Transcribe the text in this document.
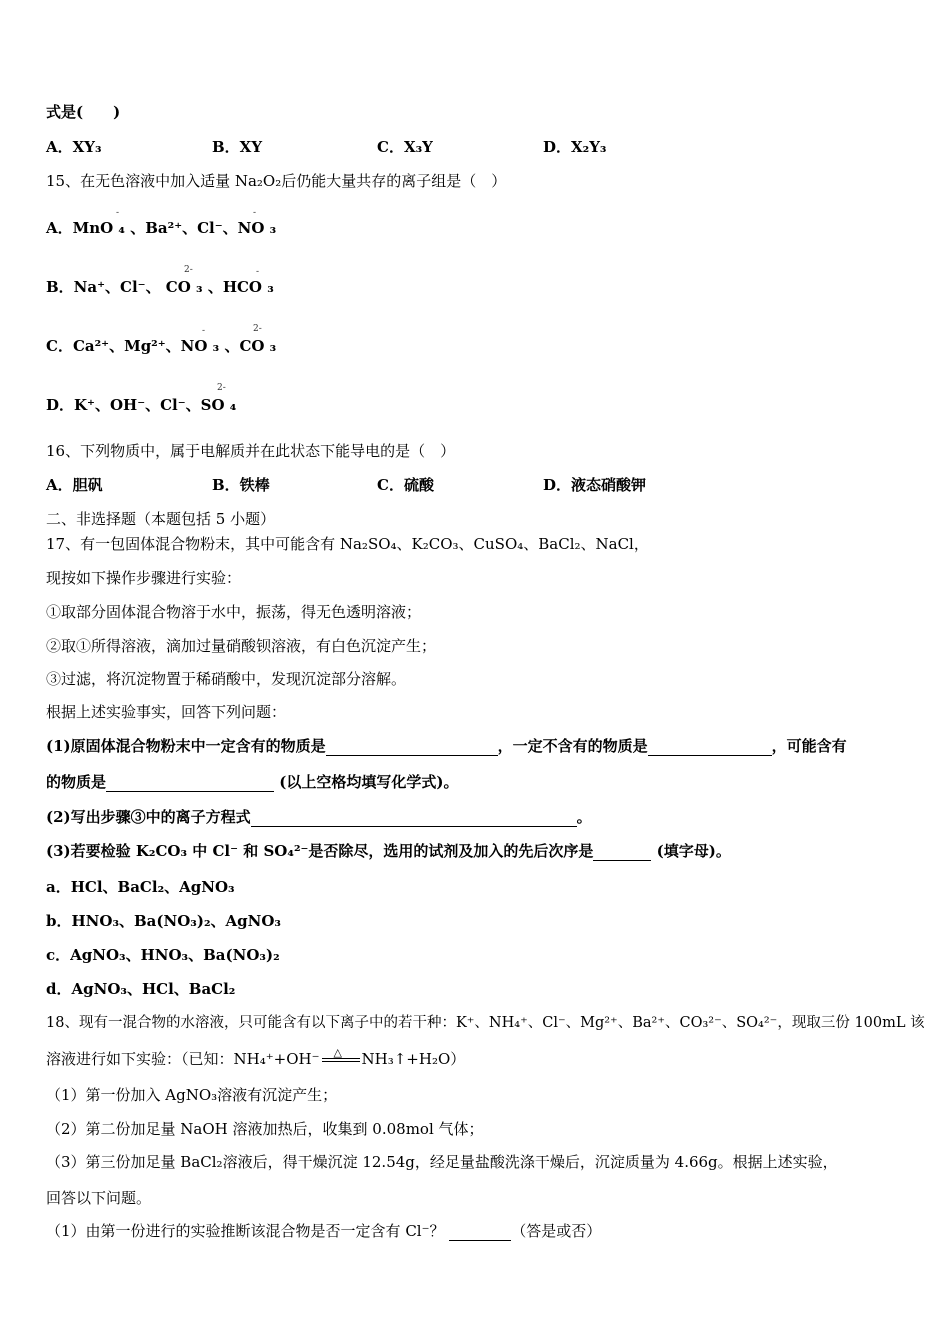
式是(　　)
A．XY₃	B．XY	C．X₃Y	D．X₂Y₃
15、在无色溶液中加入适量 Na₂O₂后仍能大量共存的离子组是（　）
A．MnO ₄ 、Ba²⁺、Cl⁻、NO ₃
-	-
B．Na⁺、Cl⁻、 CO ₃ 、HCO ₃
2-	-
C．Ca²⁺、Mg²⁺、NO ₃ 、CO ₃
-	2-
D．K⁺、OH⁻、Cl⁻、SO ₄
2-
16、下列物质中，属于电解质并在此状态下能导电的是（　）
A．胆矾	B．铁棒	C．硫酸	D．液态硝酸钾
二、非选择题（本题包括 5 小题）
17、有一包固体混合物粉末，其中可能含有 Na₂SO₄、K₂CO₃、CuSO₄、BaCl₂、NaCl，
现按如下操作步骤进行实验：
①取部分固体混合物溶于水中，振荡，得无色透明溶液；
②取①所得溶液，滴加过量硝酸钡溶液，有白色沉淀产生；
③过滤，将沉淀物置于稀硝酸中，发现沉淀部分溶解。
根据上述实验事实，回答下列问题：
(1)原固体混合物粉末中一定含有的物质是	，一定不含有的物质是	，可能含有
的物质是	(以上空格均填写化学式)。
(2)写出步骤③中的离子方程式	。
(3)若要检验 K₂CO₃ 中 Cl⁻ 和 SO₄²⁻是否除尽，选用的试剂及加入的先后次序是	(填字母)。
a．HCl、BaCl₂、AgNO₃
b．HNO₃、Ba(NO₃)₂、AgNO₃
c．AgNO₃、HNO₃、Ba(NO₃)₂
d．AgNO₃、HCl、BaCl₂
18、现有一混合物的水溶液，只可能含有以下离子中的若干种：K⁺、NH₄⁺、Cl⁻、Mg²⁺、Ba²⁺、CO₃²⁻、SO₄²⁻，现取三份 100mL 该
溶液进行如下实验：（已知：NH₄⁺+OH⁻ △ NH₃↑+H₂O）
（1）第一份加入 AgNO₃溶液有沉淀产生；
（2）第二份加足量 NaOH 溶液加热后，收集到 0.08mol 气体；
（3）第三份加足量 BaCl₂溶液后，得干燥沉淀 12.54g，经足量盐酸洗涤干燥后，沉淀质量为 4.66g。根据上述实验，
回答以下问题。
（1）由第一份进行的实验推断该混合物是否一定含有 Cl⁻？	（答是或否）
